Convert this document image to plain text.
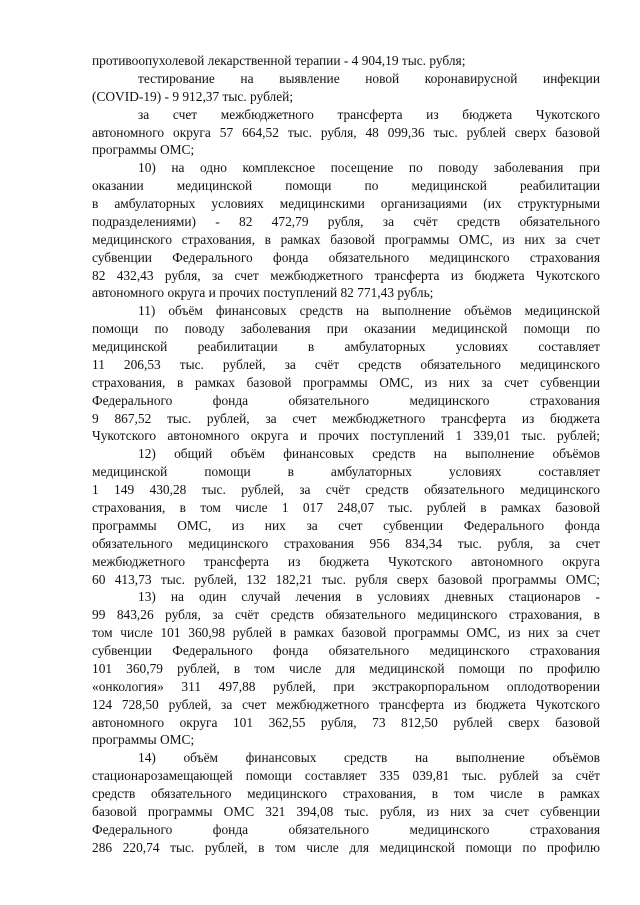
противоопухолевой лекарственной терапии - 4 904,19 тыс. рубля;
тестирование на выявление новой коронавирусной инфекции
(COVID-19) - 9 912,37 тыс. рублей;
за счет межбюджетного трансферта из бюджета Чукотского
автономного округа 57 664,52 тыс. рубля, 48 099,36 тыс. рублей сверх базовой
программы ОМС;
10) на одно комплексное посещение по поводу заболевания при
оказании медицинской помощи по медицинской реабилитации
в амбулаторных условиях медицинскими организациями (их структурными
подразделениями) - 82 472,79 рубля, за счёт средств обязательного
медицинского страхования, в рамках базовой программы ОМС, из них за счет
субвенции Федерального фонда обязательного медицинского страхования
82 432,43 рубля, за счет межбюджетного трансферта из бюджета Чукотского
автономного округа и прочих поступлений 82 771,43 рубль;
11) объём финансовых средств на выполнение объёмов медицинской
помощи по поводу заболевания при оказании медицинской помощи по
медицинской реабилитации в амбулаторных условиях составляет
11 206,53 тыс. рублей, за счёт средств обязательного медицинского
страхования, в рамках базовой программы ОМС, из них за счет субвенции
Федерального фонда обязательного медицинского страхования
9 867,52 тыс. рублей, за счет межбюджетного трансферта из бюджета
Чукотского автономного округа и прочих поступлений 1 339,01 тыс. рублей;
12) общий объём финансовых средств на выполнение объёмов
медицинской помощи в амбулаторных условиях составляет
1 149 430,28 тыс. рублей, за счёт средств обязательного медицинского
страхования, в том числе 1 017 248,07 тыс. рублей в рамках базовой
программы ОМС, из них за счет субвенции Федерального фонда
обязательного медицинского страхования 956 834,34 тыс. рубля, за счет
межбюджетного трансферта из бюджета Чукотского автономного округа
60 413,73 тыс. рублей, 132 182,21 тыс. рубля сверх базовой программы ОМС;
13) на один случай лечения в условиях дневных стационаров -
99 843,26 рубля, за счёт средств обязательного медицинского страхования, в
том числе 101 360,98 рублей в рамках базовой программы ОМС, из них за счет
субвенции Федерального фонда обязательного медицинского страхования
101 360,79 рублей, в том числе для медицинской помощи по профилю
«онкология» 311 497,88 рублей, при экстракорпоральном оплодотворении
124 728,50 рублей, за счет межбюджетного трансферта из бюджета Чукотского
автономного округа 101 362,55 рубля, 73 812,50 рублей сверх базовой
программы ОМС;
14) объём финансовых средств на выполнение объёмов
стационарозамещающей помощи составляет 335 039,81 тыс. рублей за счёт
средств обязательного медицинского страхования, в том числе в рамках
базовой программы ОМС 321 394,08 тыс. рубля, из них за счет субвенции
Федерального фонда обязательного медицинского страхования
286 220,74 тыс. рублей, в том числе для медицинской помощи по профилю
